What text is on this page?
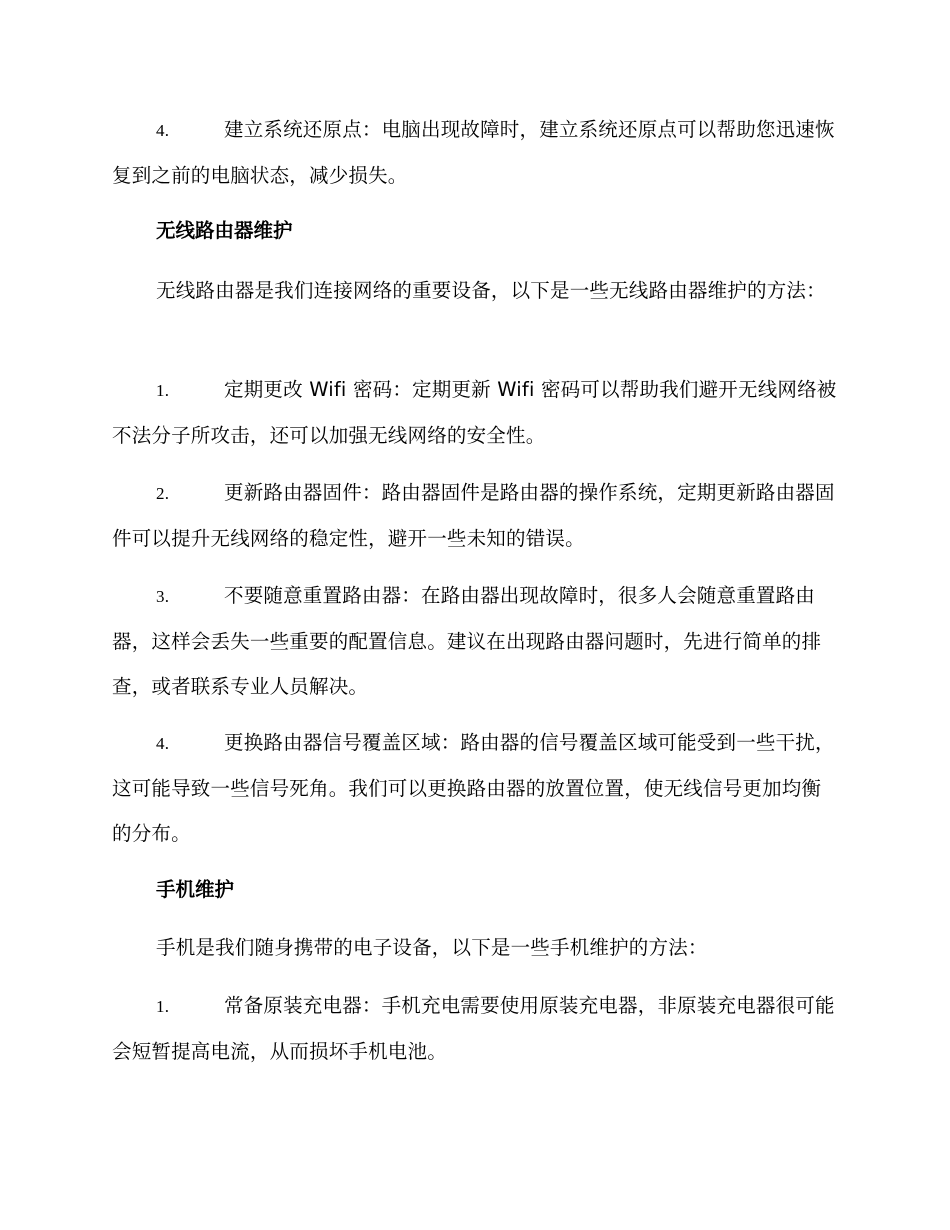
4.	建立系统还原点：电脑出现故障时，建立系统还原点可以帮助您迅速恢复到之前的电脑状态，减少损失。

无线路由器维护

无线路由器是我们连接网络的重要设备，以下是一些无线路由器维护的方法：

1.	定期更改 Wifi 密码：定期更新 Wifi 密码可以帮助我们避开无线网络被不法分子所攻击，还可以加强无线网络的安全性。

2.	更新路由器固件：路由器固件是路由器的操作系统，定期更新路由器固件可以提升无线网络的稳定性，避开一些未知的错误。

3.	不要随意重置路由器：在路由器出现故障时，很多人会随意重置路由器，这样会丢失一些重要的配置信息。建议在出现路由器问题时，先进行简单的排查，或者联系专业人员解决。

4.	更换路由器信号覆盖区域：路由器的信号覆盖区域可能受到一些干扰，这可能导致一些信号死角。我们可以更换路由器的放置位置，使无线信号更加均衡的分布。

手机维护

手机是我们随身携带的电子设备，以下是一些手机维护的方法：

1.	常备原装充电器：手机充电需要使用原装充电器，非原装充电器很可能会短暂提高电流，从而损坏手机电池。
